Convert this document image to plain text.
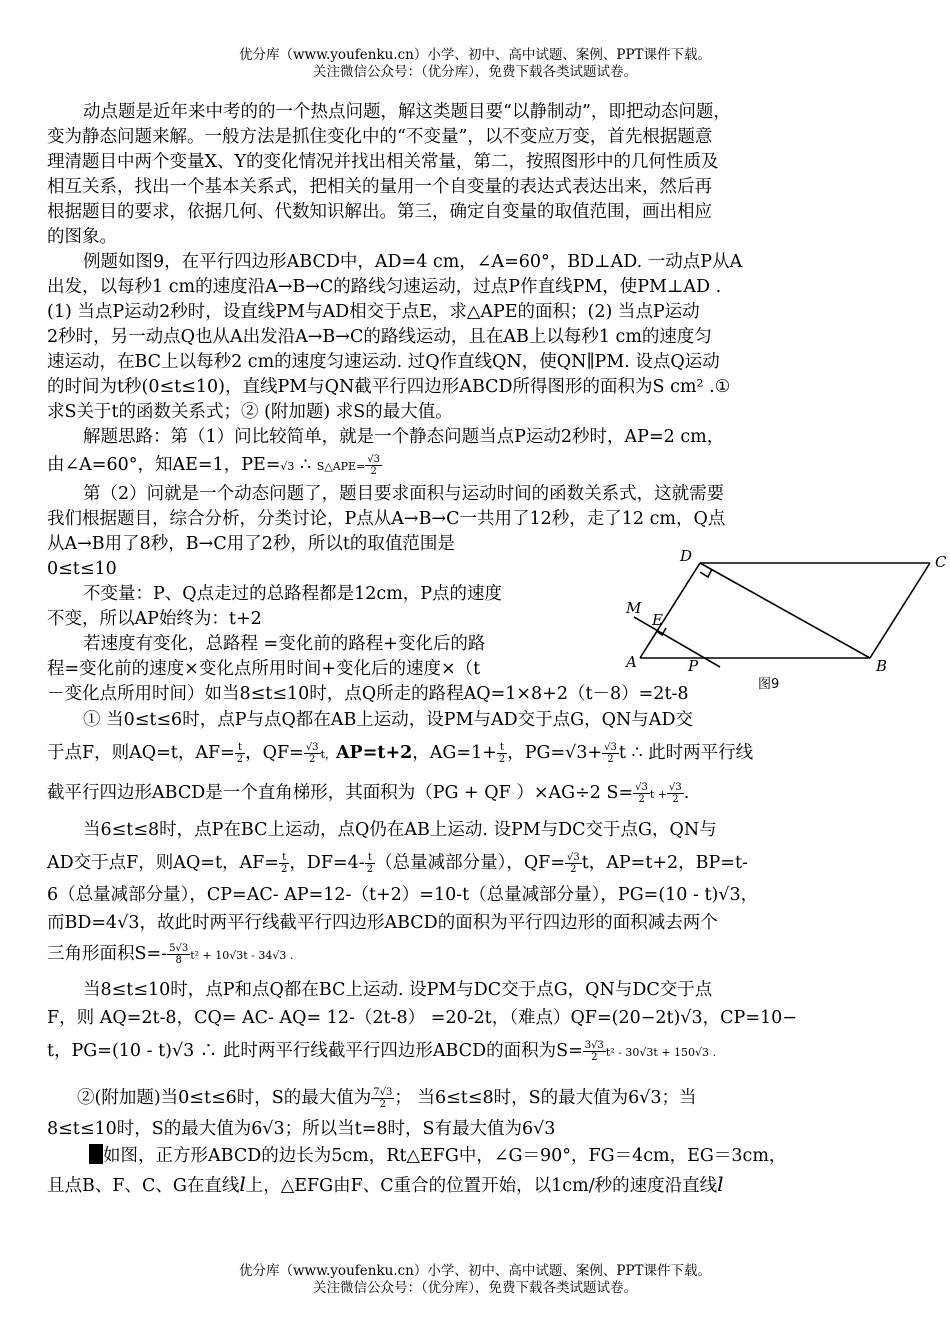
优分库（www.youfenku.cn）小学、初中、高中试题、案例、PPT课件下载。
关注微信公众号：（优分库），免费下载各类试题试卷。

动点题是近年来中考的的一个热点问题，解这类题目要“以静制动”，即把动态问题，

变为静态问题来解。一般方法是抓住变化中的“不变量”，以不变应万变，首先根据题意

理清题目中两个变量X、Y的变化情况并找出相关常量，第二，按照图形中的几何性质及

相互关系，找出一个基本关系式，把相关的量用一个自变量的表达式表达出来，然后再

根据题目的要求，依据几何、代数知识解出。第三，确定自变量的取值范围，画出相应

的图象。

例题如图9，在平行四边形ABCD中，AD=4 cm，∠A=60°，BD⊥AD. 一动点P从A

出发，以每秒1 cm的速度沿A→B→C的路线匀速运动，过点P作直线PM，使PM⊥AD .

(1) 当点P运动2秒时，设直线PM与AD相交于点E，求△APE的面积；(2) 当点P运动

2秒时，另一动点Q也从A出发沿A→B→C的路线运动，且在AB上以每秒1 cm的速度匀

速运动，在BC上以每秒2 cm的速度匀速运动. 过Q作直线QN，使QN∥PM. 设点Q运动

的时间为t秒(0≤t≤10)，直线PM与QN截平行四边形ABCD所得图形的面积为S cm² .①

求S关于t的函数关系式；② (附加题) 求S的最大值。

解题思路：第（1）问比较简单，就是一个静态问题当点P运动2秒时，AP=2 cm，

由∠A=60°，知AE=1，PE=√3 ∴ S△APE= $\frac{√3}{2}$

第（2）问就是一个动态问题了，题目要求面积与运动时间的函数关系式，这就需要

我们根据题目，综合分析，分类讨论，P点从A→B→C一共用了12秒，走了12 cm，Q点

从A→B用了8秒，B→C用了2秒，所以t的取值范围是

0≤t≤10

不变量：P、Q点走过的总路程都是12cm，P点的速度

不变，所以AP始终为：t+2

若速度有变化，总路程 =变化前的路程+变化后的路

程=变化前的速度×变化点所用时间+变化后的速度×（t

－变化点所用时间）如当8≤t≤10时，点Q所走的路程AQ=1×8+2（t－8）=2t-8

① 当0≤t≤6时，点P与点Q都在AB上运动，设PM与AD交于点G，QN与AD交

于点F，则AQ=t，$AF= \frac{t}{2}$ ，$QF= \frac{√3}{2}$ t，AP=t+2，$AG=1+ \frac{t}{2}$ ，$PG=√3+ \frac{√3}{2}$ t ∴ 此时两平行线

截平行四边形ABCD是一个直角梯形，其面积为（PG + QF ）×AG÷2 $S= \frac{√3}{2}$ $t + \frac{√3}{2}$ .

当6≤t≤8时，点P在BC上运动，点Q仍在AB上运动. 设PM与DC交于点G，QN与

AD交于点F，则AQ=t，$AF= \frac{t}{2}$ ，$DF=4- \frac{t}{2}$ （总量减部分量），$QF= \frac{√3}{2}$ t，AP=t+2，BP=t-

6（总量减部分量），CP=AC- AP=12-（t+2）=10-t（总量减部分量），PG=(10 - t)√3，

而BD=4√3，故此时两平行线截平行四边形ABCD的面积为平行四边形的面积减去两个

三角形面积$S=- \frac{5√3}{8} t^2 + 10√3t - 34√3$ .

当8≤t≤10时，点P和点Q都在BC上运动. 设PM与DC交于点G，QN与DC交于点

F，则 AQ=2t-8，CQ= AC- AQ= 12-（2t-8） =20-2t，（难点）QF=(20−2t)√3，CP=10−

t，PG=(10 - t)√3 ∴ 此时两平行线截平行四边形ABCD的面积为$S= \frac{3√3}{2} t^2 - 30√3t + 150√3$ .

②(附加题)当0≤t≤6时，S的最大值为 $\frac{7√3}{2}$ ； 当6≤t≤8时，S的最大值为6√3；当

8≤t≤10时，S的最大值为6√3；所以当t=8时，S有最大值为6√3

如图，正方形ABCD的边长为5cm，Rt△EFG中，∠G＝90°，FG＝4cm，EG＝3cm，

且点B、F、C、G在直线l上，△EFG由F、C重合的位置开始，以1cm/秒的速度沿直线l

D	C
A	B
M
E
P
图9
优分库（www.youfenku.cn）小学、初中、高中试题、案例、PPT课件下载。
关注微信公众号：（优分库），免费下载各类试题试卷。
